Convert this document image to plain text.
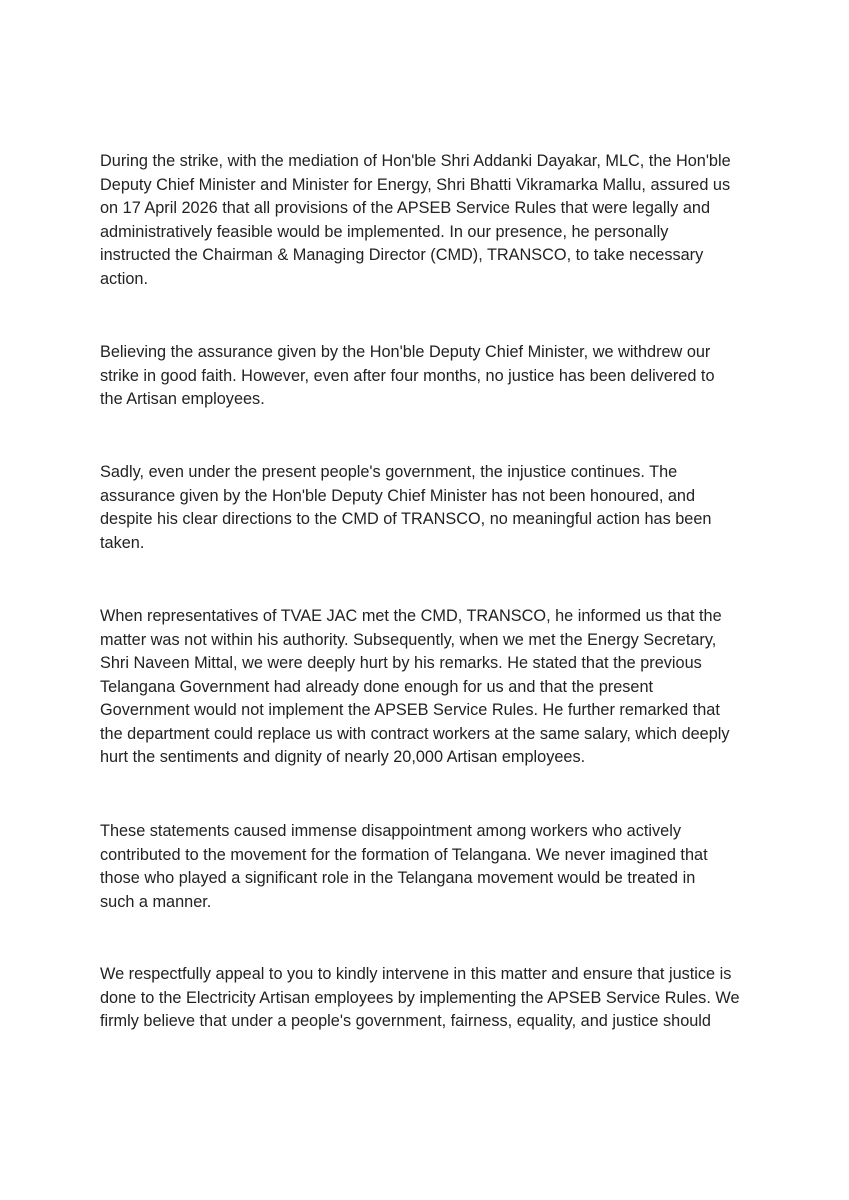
During the strike, with the mediation of Hon'ble Shri Addanki Dayakar, MLC, the Hon'ble
Deputy Chief Minister and Minister for Energy, Shri Bhatti Vikramarka Mallu, assured us
on 17 April 2026 that all provisions of the APSEB Service Rules that were legally and
administratively feasible would be implemented. In our presence, he personally
instructed the Chairman & Managing Director (CMD), TRANSCO, to take necessary
action.

Believing the assurance given by the Hon'ble Deputy Chief Minister, we withdrew our
strike in good faith. However, even after four months, no justice has been delivered to
the Artisan employees.

Sadly, even under the present people's government, the injustice continues. The
assurance given by the Hon'ble Deputy Chief Minister has not been honoured, and
despite his clear directions to the CMD of TRANSCO, no meaningful action has been
taken.

When representatives of TVAE JAC met the CMD, TRANSCO, he informed us that the
matter was not within his authority. Subsequently, when we met the Energy Secretary,
Shri Naveen Mittal, we were deeply hurt by his remarks. He stated that the previous
Telangana Government had already done enough for us and that the present
Government would not implement the APSEB Service Rules. He further remarked that
the department could replace us with contract workers at the same salary, which deeply
hurt the sentiments and dignity of nearly 20,000 Artisan employees.

These statements caused immense disappointment among workers who actively
contributed to the movement for the formation of Telangana. We never imagined that
those who played a significant role in the Telangana movement would be treated in
such a manner.

We respectfully appeal to you to kindly intervene in this matter and ensure that justice is
done to the Electricity Artisan employees by implementing the APSEB Service Rules. We
firmly believe that under a people's government, fairness, equality, and justice should
